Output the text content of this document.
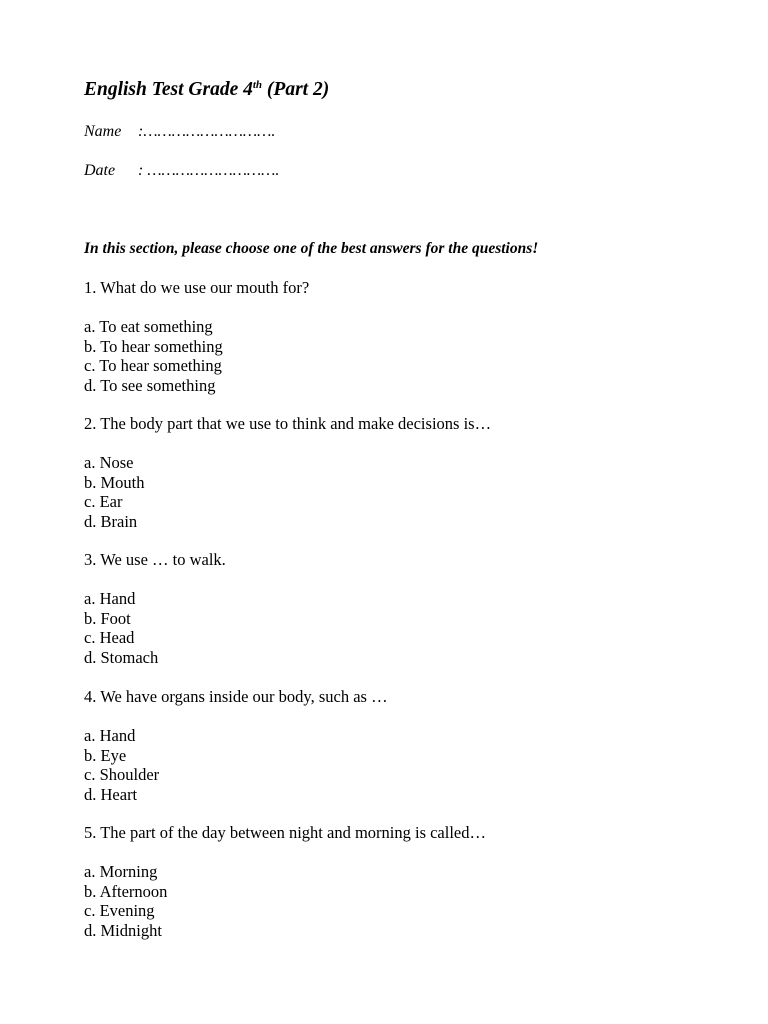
English Test Grade 4th (Part 2)
Name :……………………….
Date : ……………………….
In this section, please choose one of the best answers for the questions!
1. What do we use our mouth for?
a. To eat something
b. To hear something
c. To hear something
d. To see something
2. The body part that we use to think and make decisions is…
a. Nose
b. Mouth
c. Ear
d. Brain
3. We use … to walk.
a. Hand
b. Foot
c. Head
d. Stomach
4. We have organs inside our body, such as …
a. Hand
b. Eye
c. Shoulder
d. Heart
5. The part of the day between night and morning is called…
a. Morning
b. Afternoon
c. Evening
d. Midnight
